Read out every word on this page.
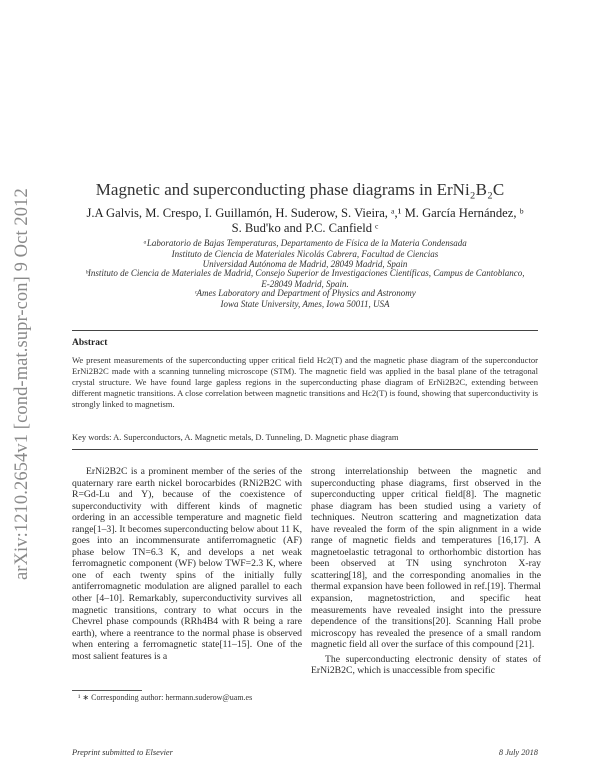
arXiv:1210.2654v1 [cond-mat.supr-con] 9 Oct 2012	Magnetic and superconducting phase diagrams in ErNi₂B₂C
J.A Galvis, M. Crespo, I. Guillamón, H. Suderow, S. Vieira, ᵃ,¹ M. García Hernández, ᵇ
S. Bud'ko and P.C. Canfield ᶜ
ᵃLaboratorio de Bajas Temperaturas, Departamento de Física de la Materia Condensada
Instituto de Ciencia de Materiales Nicolás Cabrera, Facultad de Ciencias
Universidad Autónoma de Madrid, 28049 Madrid, Spain
ᵇInstituto de Ciencia de Materiales de Madrid, Consejo Superior de Investigaciones Científicas, Campus de Cantoblanco,
E-28049 Madrid, Spain.
ᶜAmes Laboratory and Department of Physics and Astronomy
Iowa State University, Ames, Iowa 50011, USA
Abstract
We present measurements of the superconducting upper critical field Hc2(T) and the magnetic phase diagram of the superconductor ErNi2B2C made with a scanning tunneling microscope (STM). The magnetic field was applied in the basal plane of the tetragonal crystal structure. We have found large gapless regions in the superconducting phase diagram of ErNi2B2C, extending between different magnetic transitions. A close correlation between magnetic transitions and Hc2(T) is found, showing that superconductivity is strongly linked to magnetism.
Key words: A. Superconductors, A. Magnetic metals, D. Tunneling, D. Magnetic phase diagram

ErNi2B2C is a prominent member of the series of the quaternary rare earth nickel borocarbides (RNi2B2C with R=Gd-Lu and Y), because of the coexistence of superconductivity with different kinds of magnetic ordering in an accessible temperature and magnetic field range[1–3]. It becomes superconducting below about 11 K, goes into an incommensurate antiferromagnetic (AF) phase below TN=6.3 K, and develops a net weak ferromagnetic component (WF) below TWF=2.3 K, where one of each twenty spins of the initially fully antiferromagnetic modulation are aligned parallel to each other [4–10]. Remarkably, superconductivity survives all magnetic transitions, contrary to what occurs in the Chevrel phase compounds (RRh4B4 with R being a rare earth), where a reentrance to the normal phase is observed when entering a ferromagnetic state[11–15]. One of the most salient features is a

strong interrelationship between the magnetic and superconducting phase diagrams, first observed in the superconducting upper critical field[8]. The magnetic phase diagram has been studied using a variety of techniques. Neutron scattering and magnetization data have revealed the form of the spin alignment in a wide range of magnetic fields and temperatures [16,17]. A magnetoelastic tetragonal to orthorhombic distortion has been observed at TN using synchroton X-ray scattering[18], and the corresponding anomalies in the thermal expansion have been followed in ref.[19]. Thermal expansion, magnetostriction, and specific heat measurements have revealed insight into the pressure dependence of the transitions[20]. Scanning Hall probe microscopy has revealed the presence of a small random magnetic field all over the surface of this compound [21].

The superconducting electronic density of states of ErNi2B2C, which is unaccessible from specific

¹ ∗ Corresponding author: hermann.suderow@uam.es
Preprint submitted to Elsevier	8 July 2018
